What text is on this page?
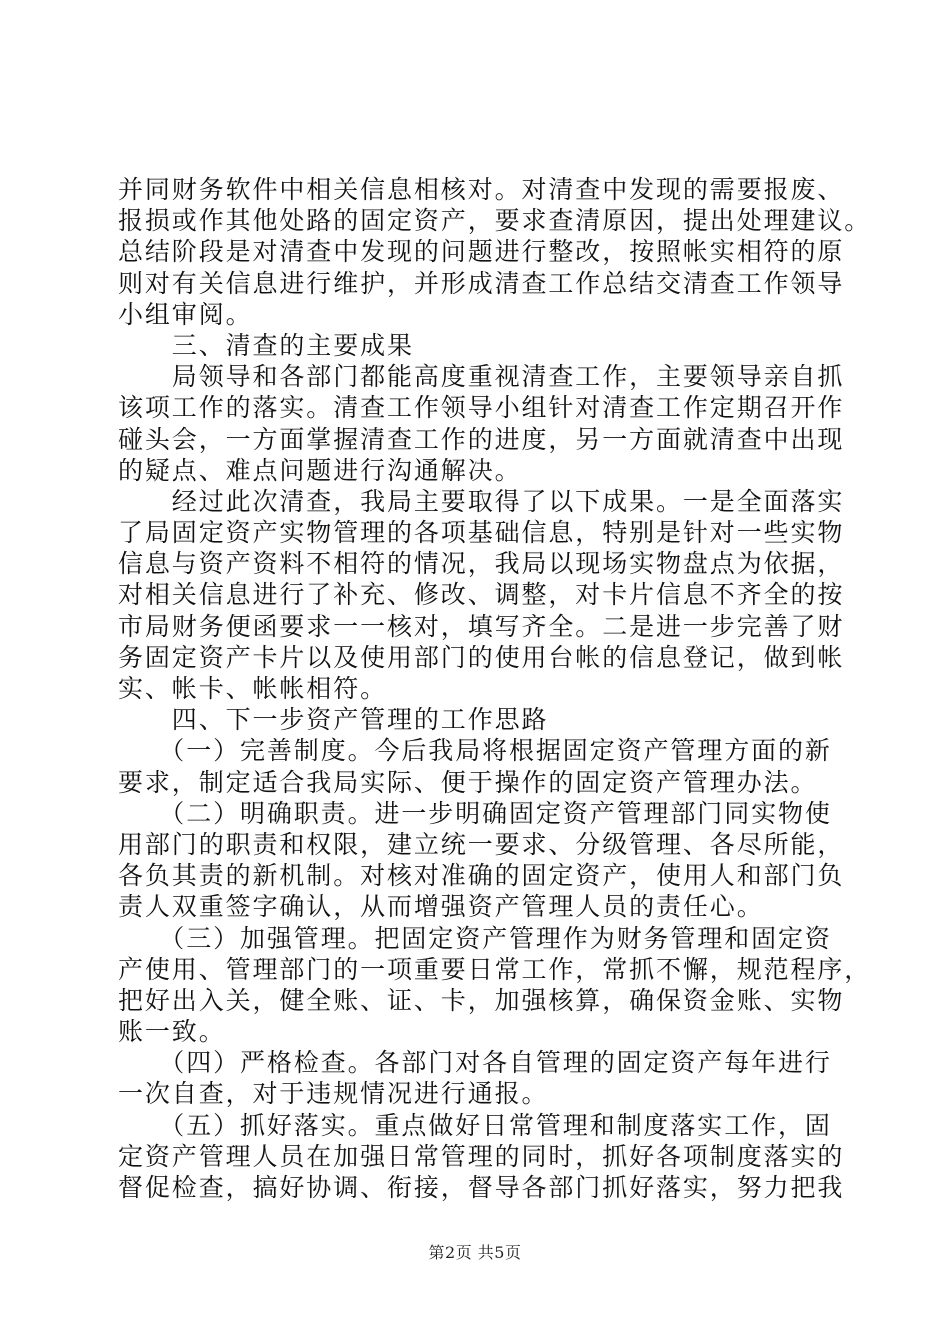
并同财务软件中相关信息相核对。对清查中发现的需要报废、
报损或作其他处路的固定资产，要求查清原因，提出处理建议。
总结阶段是对清查中发现的问题进行整改，按照帐实相符的原
则对有关信息进行维护，并形成清查工作总结交清查工作领导
小组审阅。
　　三、清查的主要成果
　　局领导和各部门都能高度重视清查工作，主要领导亲自抓
该项工作的落实。清查工作领导小组针对清查工作定期召开作
碰头会，一方面掌握清查工作的进度，另一方面就清查中出现
的疑点、难点问题进行沟通解决。
　　经过此次清查，我局主要取得了以下成果。一是全面落实
了局固定资产实物管理的各项基础信息，特别是针对一些实物
信息与资产资料不相符的情况，我局以现场实物盘点为依据，
对相关信息进行了补充、修改、调整，对卡片信息不齐全的按
市局财务便函要求一一核对，填写齐全。二是进一步完善了财
务固定资产卡片以及使用部门的使用台帐的信息登记，做到帐
实、帐卡、帐帐相符。
　　四、下一步资产管理的工作思路
　　（一）完善制度。今后我局将根据固定资产管理方面的新
要求，制定适合我局实际、便于操作的固定资产管理办法。
　　（二）明确职责。进一步明确固定资产管理部门同实物使
用部门的职责和权限，建立统一要求、分级管理、各尽所能，
各负其责的新机制。对核对准确的固定资产，使用人和部门负
责人双重签字确认，从而增强资产管理人员的责任心。
　　（三）加强管理。把固定资产管理作为财务管理和固定资
产使用、管理部门的一项重要日常工作，常抓不懈，规范程序，
把好出入关，健全账、证、卡，加强核算，确保资金账、实物
账一致。
　　（四）严格检查。各部门对各自管理的固定资产每年进行
一次自查，对于违规情况进行通报。
　　（五）抓好落实。重点做好日常管理和制度落实工作，固
定资产管理人员在加强日常管理的同时，抓好各项制度落实的
督促检查，搞好协调、衔接，督导各部门抓好落实，努力把我
第2页 共5页
